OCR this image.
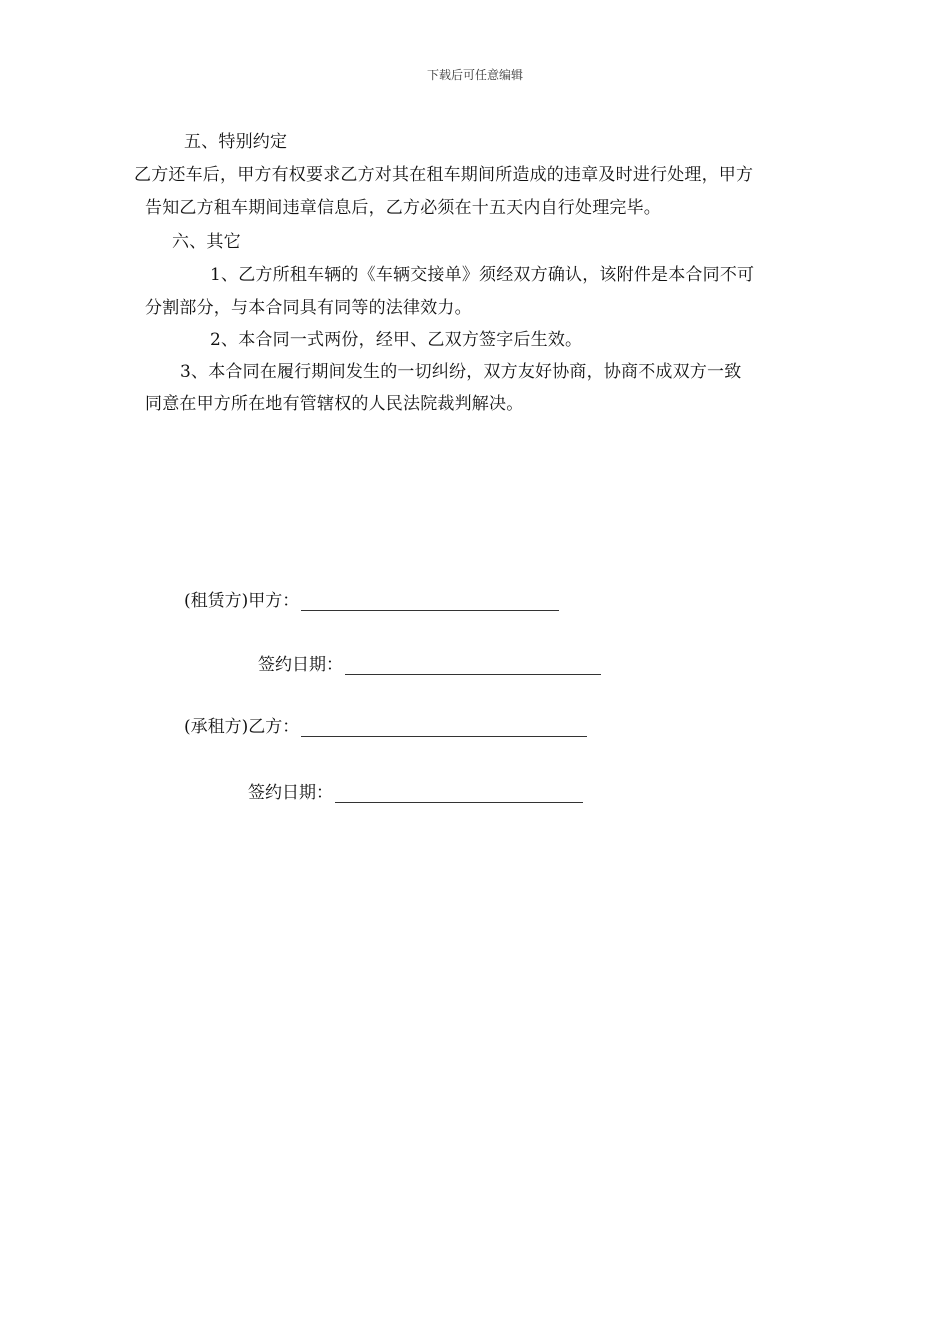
下载后可任意编辑
五、特别约定
乙方还车后，甲方有权要求乙方对其在租车期间所造成的违章及时进行处理，甲方
告知乙方租车期间违章信息后，乙方必须在十五天内自行处理完毕。
六、其它
1、乙方所租车辆的《车辆交接单》须经双方确认，该附件是本合同不可
分割部分，与本合同具有同等的法律效力。
2、本合同一式两份，经甲、乙双方签字后生效。
3、本合同在履行期间发生的一切纠纷，双方友好协商，协商不成双方一致
同意在甲方所在地有管辖权的人民法院裁判解决。
(租赁方)甲方：
签约日期：
(承租方)乙方：
签约日期：
